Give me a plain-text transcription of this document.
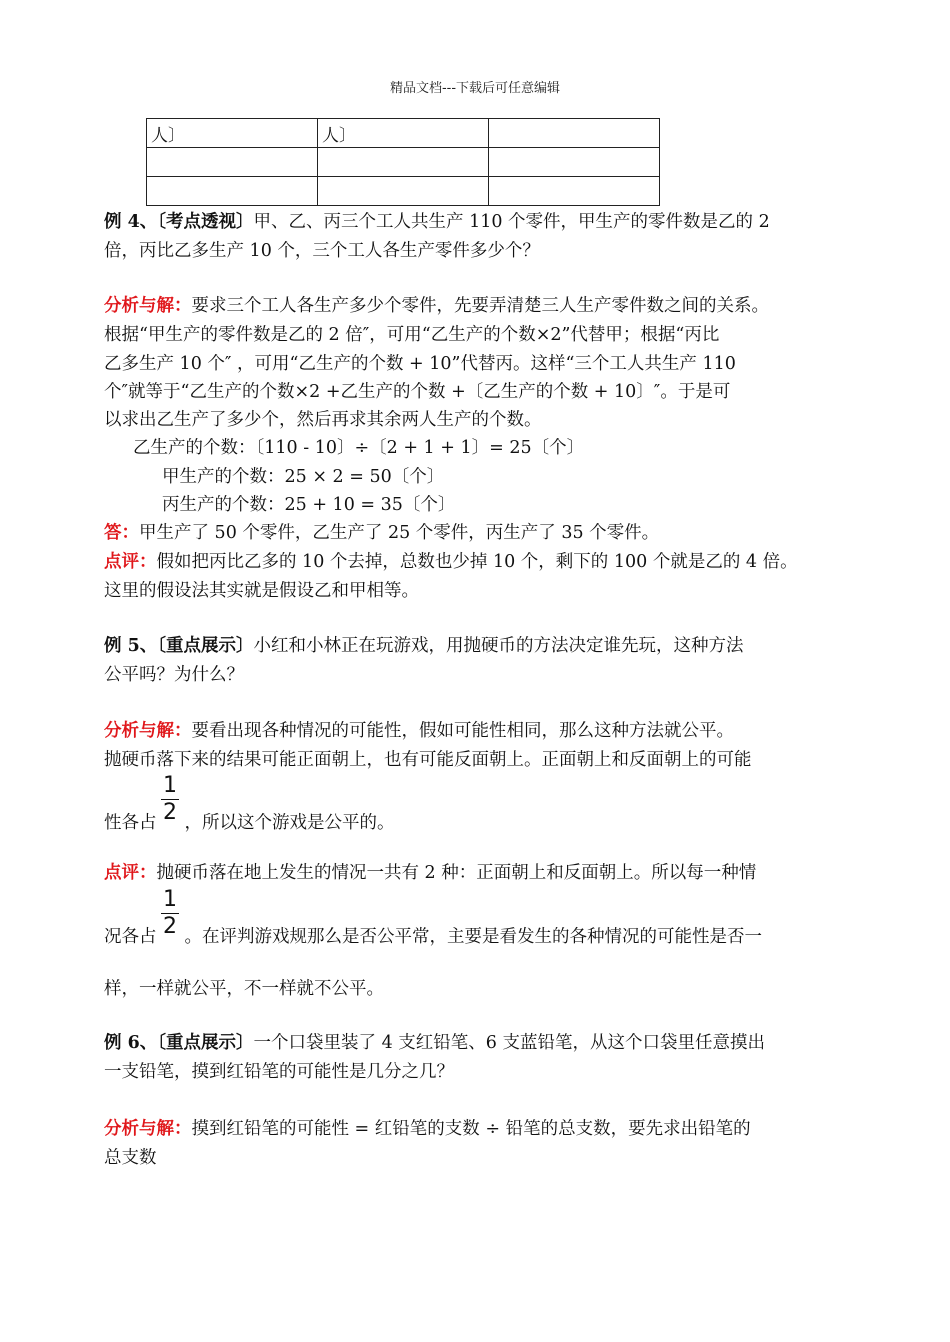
精品文档---下载后可任意编辑
人〕	人〕	

例 4、〔考点透视〕甲、乙、丙三个工人共生产 110 个零件，甲生产的零件数是乙的 2
倍，丙比乙多生产 10 个，三个工人各生产零件多少个？
分析与解：要求三个工人各生产多少个零件，先要弄清楚三人生产零件数之间的关系。
根据“甲生产的零件数是乙的 2 倍″，可用“乙生产的个数×2”代替甲；根据“丙比
乙多生产 10 个″ ，可用“乙生产的个数 + 10”代替丙。这样“三个工人共生产 110
个″就等于“乙生产的个数×2 +乙生产的个数 +〔乙生产的个数 + 10〕″。于是可
以求出乙生产了多少个，然后再求其余两人生产的个数。
乙生产的个数：〔110 - 10〕÷〔2 + 1 + 1〕= 25〔个〕
甲生产的个数：25 × 2 = 50〔个〕
丙生产的个数：25 + 10 = 35〔个〕
答：甲生产了 50 个零件，乙生产了 25 个零件，丙生产了 35 个零件。
点评：假如把丙比乙多的 10 个去掉，总数也少掉 10 个，剩下的 100 个就是乙的 4 倍。
这里的假设法其实就是假设乙和甲相等。
例 5、〔重点展示〕小红和小林正在玩游戏，用抛硬币的方法决定谁先玩，这种方法
公平吗？为什么？
分析与解：要看出现各种情况的可能性，假如可能性相同，那么这种方法就公平。
抛硬币落下来的结果可能正面朝上，也有可能反面朝上。正面朝上和反面朝上的可能
1
2
性各占 ，所以这个游戏是公平的。
点评：抛硬币落在地上发生的情况一共有 2 种：正面朝上和反面朝上。所以每一种情
1
2
况各占 。在评判游戏规那么是否公平常，主要是看发生的各种情况的可能性是否一
样，一样就公平，不一样就不公平。
例 6、〔重点展示〕一个口袋里装了 4 支红铅笔、6 支蓝铅笔，从这个口袋里任意摸出
一支铅笔，摸到红铅笔的可能性是几分之几？
分析与解：摸到红铅笔的可能性 = 红铅笔的支数 ÷ 铅笔的总支数，要先求出铅笔的
总支数
